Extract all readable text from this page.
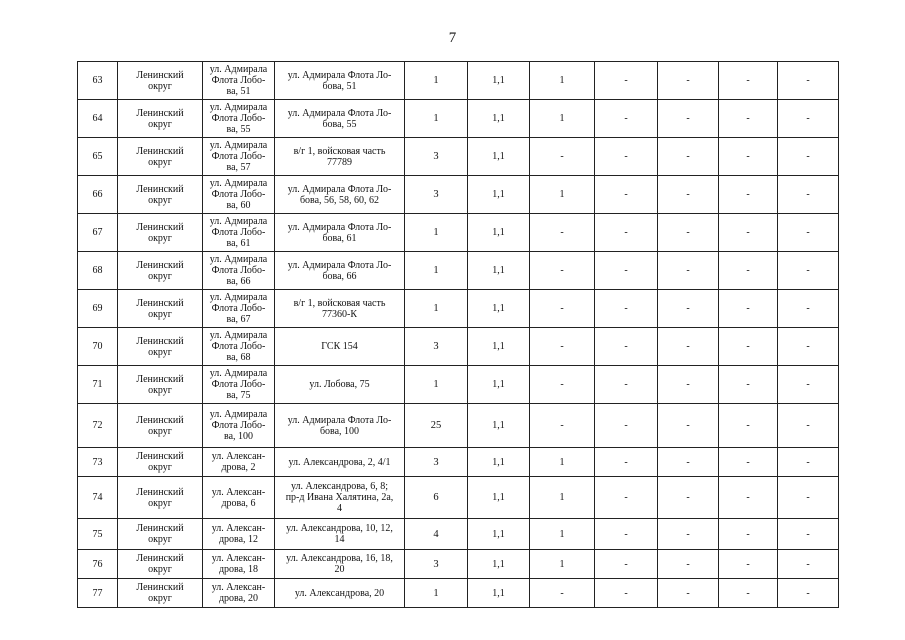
7
63	Ленинский
округ	ул. Адмирала
Флота Лобо-
ва, 51	ул. Адмирала Флота Ло-
бова, 51	1	1,1	1	-	-	-	-
64	Ленинский
округ	ул. Адмирала
Флота Лобо-
ва, 55	ул. Адмирала Флота Ло-
бова, 55	1	1,1	1	-	-	-	-
65	Ленинский
округ	ул. Адмирала
Флота Лобо-
ва, 57	в/г 1, войсковая часть
77789	3	1,1	-	-	-	-	-
66	Ленинский
округ	ул. Адмирала
Флота Лобо-
ва, 60	ул. Адмирала Флота Ло-
бова, 56, 58, 60, 62	3	1,1	1	-	-	-	-
67	Ленинский
округ	ул. Адмирала
Флота Лобо-
ва, 61	ул. Адмирала Флота Ло-
бова, 61	1	1,1	-	-	-	-	-
68	Ленинский
округ	ул. Адмирала
Флота Лобо-
ва, 66	ул. Адмирала Флота Ло-
бова, 66	1	1,1	-	-	-	-	-
69	Ленинский
округ	ул. Адмирала
Флота Лобо-
ва, 67	в/г 1, войсковая часть
77360-К	1	1,1	-	-	-	-	-
70	Ленинский
округ	ул. Адмирала
Флота Лобо-
ва, 68	ГСК 154	3	1,1	-	-	-	-	-
71	Ленинский
округ	ул. Адмирала
Флота Лобо-
ва, 75	ул. Лобова, 75	1	1,1	-	-	-	-	-
72	Ленинский
округ	ул. Адмирала
Флота Лобо-
ва, 100	ул. Адмирала Флота Ло-
бова, 100	25	1,1	-	-	-	-	-
73	Ленинский
округ	ул. Алексан-
дрова, 2	ул. Александрова, 2, 4/1	3	1,1	1	-	-	-	-
74	Ленинский
округ	ул. Алексан-
дрова, 6	ул. Александрова, 6, 8;
пр-д Ивана Халятина, 2а,
4	6	1,1	1	-	-	-	-
75	Ленинский
округ	ул. Алексан-
дрова, 12	ул. Александрова, 10, 12,
14	4	1,1	1	-	-	-	-
76	Ленинский
округ	ул. Алексан-
дрова, 18	ул. Александрова, 16, 18,
20	3	1,1	1	-	-	-	-
77	Ленинский
округ	ул. Алексан-
дрова, 20	ул. Александрова, 20	1	1,1	-	-	-	-	-
